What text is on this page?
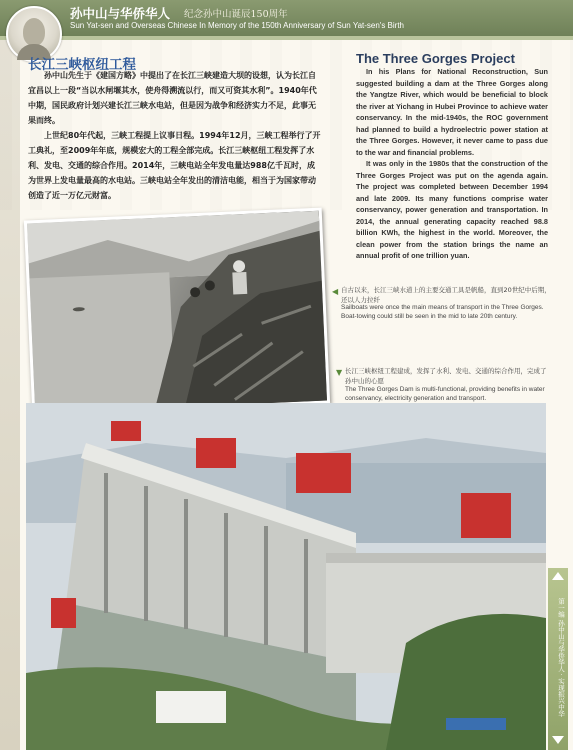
孙中山与华侨华人 纪念孙中山诞辰150周年
Sun Yat-sen and Overseas Chinese In Memory of the 150th Anniversary of Sun Yat-sen's Birth
长江三峡枢纽工程

孙中山先生于《建国方略》中提出了在长江三峡建造大坝的设想，认为长江自宜昌以上一段“当以水闸堰其水，使舟得溯流以行，而又可资其水利”。1940年代中期，国民政府计划兴建长江三峡水电站，但是因为战争和经济实力不足，此事无果而终。

上世纪80年代起，三峡工程提上议事日程。1994年12月，三峡工程举行了开工典礼，至2009年年底，规模宏大的工程全部完成。长江三峡枢纽工程发挥了水利、发电、交通的综合作用。2014年，三峡电站全年发电量达988亿千瓦时，成为世界上发电量最高的水电站。三峡电站全年发出的清洁电能，相当于为国家带动创造了近一万亿元财富。

The Three Gorges Project

In his Plans for National Reconstruction, Sun suggested building a dam at the Three Gorges along the Yangtze River, which would be beneficial to block the river at Yichang in Hubei Province to achieve water conservancy. In the mid-1940s, the ROC government had planned to build a hydroelectric power station at the Three Gorges. However, it never came to pass due to the war and financial problems.

It was only in the 1980s that the construction of the Three Gorges Project was put on the agenda again. The project was completed between December 1994 and late 2009. Its many functions comprise water conservancy, power generation and transportation. In 2014, the annual generating capacity reached 98.8 billion KWh, the highest in the world. Moreover, the clean power from the station brings the name an annual profit of one trillion yuan.

◀ 自古以来，长江三峡水道上的主要交通工具是帆船，直到20世纪中后期，还以人力拉纤
Sailboats were once the main means of transport in the Three Gorges. Boat-towing could still be seen in the mid to late 20th century.
▼ 长江三峡枢纽工程建成，发挥了水利、发电、交通的综合作用，完成了孙中山的心愿
The Three Gorges Dam is multi-functional, providing benefits in water conservancy, electricity generation and transport.
第一编 孙中山与华侨华人 · 实现振兴中华
